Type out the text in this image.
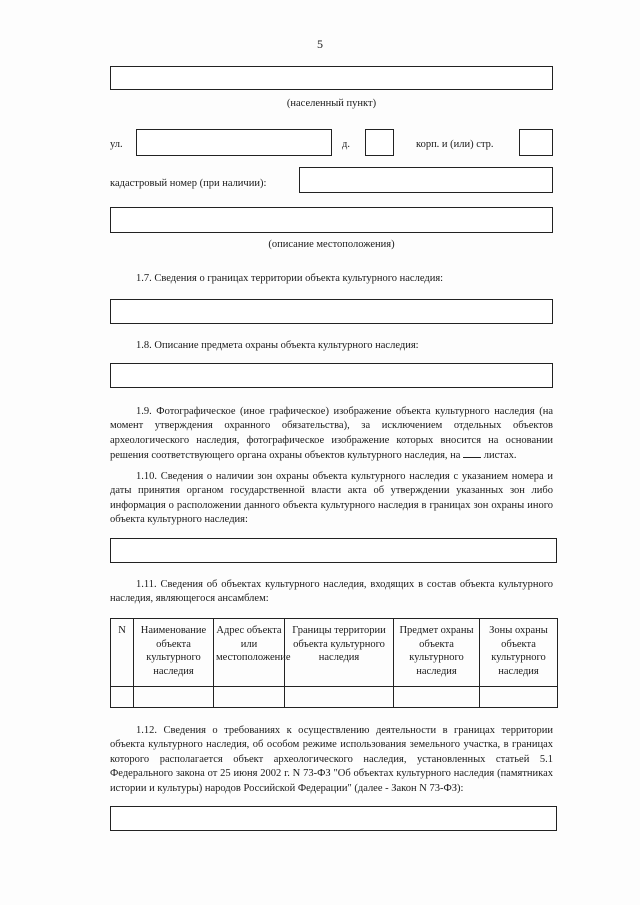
5
(населенный пункт)
ул.	д.	корп. и (или) стр.
кадастровый номер (при наличии):
(описание местоположения)
1.7. Сведения о границах территории объекта культурного наследия:
1.8. Описание предмета охраны объекта культурного наследия:
1.9. Фотографическое (иное графическое) изображение объекта культурного наследия (на момент утверждения охранного обязательства), за исключением отдельных объектов археологического наследия, фотографическое изображение которых вносится на основании решения соответствующего органа охраны объектов культурного наследия, на листах.
1.10. Сведения о наличии зон охраны объекта культурного наследия с указанием номера и даты принятия органом государственной власти акта об утверждении указанных зон либо информация о расположении данного объекта культурного наследия в границах зон охраны иного объекта культурного наследия:
1.11. Сведения об объектах культурного наследия, входящих в состав объекта культурного наследия, являющегося ансамблем:
N	Наименование объекта культурного наследия	Адрес объекта или местоположение	Границы территории объекта культурного наследия	Предмет охраны объекта культурного наследия	Зоны охраны объекта культурного наследия

1.12. Сведения о требованиях к осуществлению деятельности в границах территории объекта культурного наследия, об особом режиме использования земельного участка, в границах которого располагается объект археологического наследия, установленных статьей 5.1 Федерального закона от 25 июня 2002 г. N 73-ФЗ "Об объектах культурного наследия (памятниках истории и культуры) народов Российской Федерации" (далее - Закон N 73-ФЗ):
